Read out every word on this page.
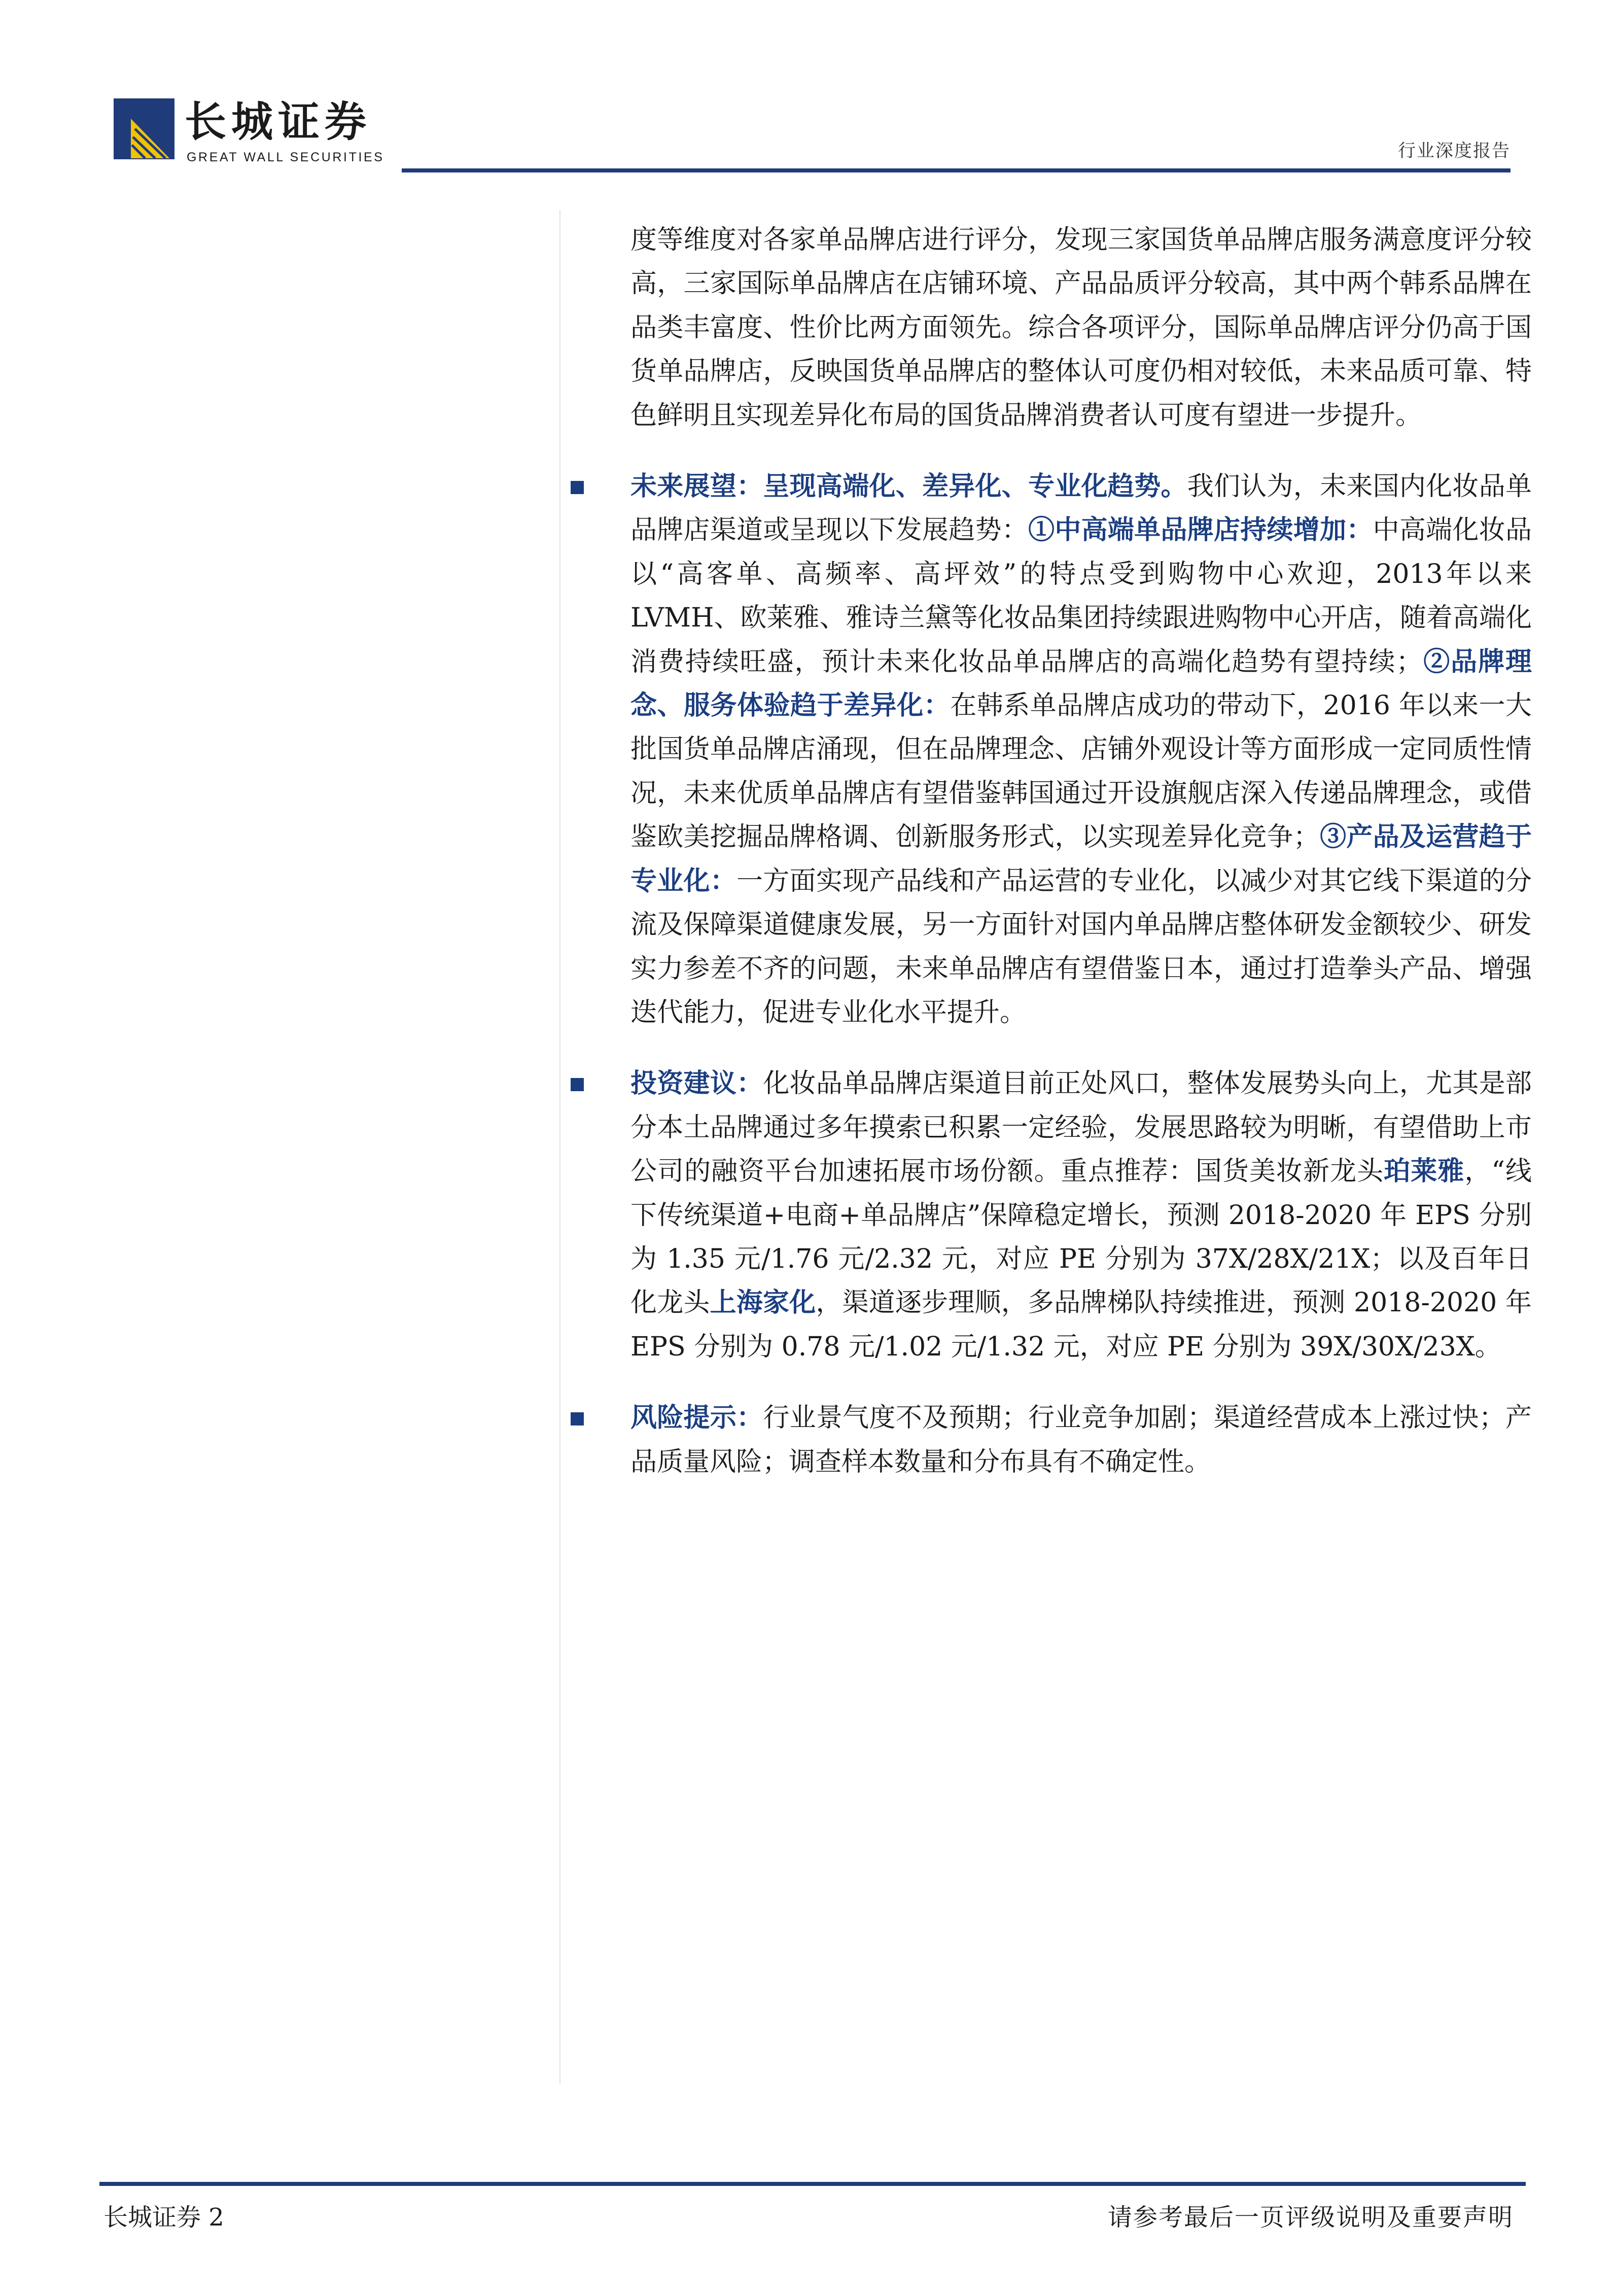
长城证券
GREAT WALL SECURITIES	行业深度报告

度等维度对各家单品牌店进行评分，发现三家国货单品牌店服务满意度评分较高，三家国际单品牌店在店铺环境、产品品质评分较高，其中两个韩系品牌在品类丰富度、性价比两方面领先。综合各项评分，国际单品牌店评分仍高于国货单品牌店，反映国货单品牌店的整体认可度仍相对较低，未来品质可靠、特色鲜明且实现差异化布局的国货品牌消费者认可度有望进一步提升。

未来展望：呈现高端化、差异化、专业化趋势。我们认为，未来国内化妆品单品牌店渠道或呈现以下发展趋势：①中高端单品牌店持续增加：中高端化妆品以“高客单、高频率、高坪效”的特点受到购物中心欢迎，2013年以来LVMH、欧莱雅、雅诗兰黛等化妆品集团持续跟进购物中心开店，随着高端化消费持续旺盛，预计未来化妆品单品牌店的高端化趋势有望持续；②品牌理念、服务体验趋于差异化：在韩系单品牌店成功的带动下，2016 年以来一大批国货单品牌店涌现，但在品牌理念、店铺外观设计等方面形成一定同质性情况，未来优质单品牌店有望借鉴韩国通过开设旗舰店深入传递品牌理念，或借鉴欧美挖掘品牌格调、创新服务形式，以实现差异化竞争；③产品及运营趋于专业化：一方面实现产品线和产品运营的专业化，以减少对其它线下渠道的分流及保障渠道健康发展，另一方面针对国内单品牌店整体研发金额较少、研发实力参差不齐的问题，未来单品牌店有望借鉴日本，通过打造拳头产品、增强迭代能力，促进专业化水平提升。

投资建议：化妆品单品牌店渠道目前正处风口，整体发展势头向上，尤其是部分本土品牌通过多年摸索已积累一定经验，发展思路较为明晰，有望借助上市公司的融资平台加速拓展市场份额。重点推荐：国货美妆新龙头珀莱雅，“线下传统渠道+电商+单品牌店”保障稳定增长，预测 2018-2020 年 EPS 分别为 1.35 元/1.76 元/2.32 元，对应 PE 分别为 37X/28X/21X；以及百年日化龙头上海家化，渠道逐步理顺，多品牌梯队持续推进，预测 2018-2020 年 EPS 分别为 0.78 元/1.02 元/1.32 元，对应 PE 分别为 39X/30X/23X。

风险提示：行业景气度不及预期；行业竞争加剧；渠道经营成本上涨过快；产品质量风险；调查样本数量和分布具有不确定性。

长城证券 2	请参考最后一页评级说明及重要声明
